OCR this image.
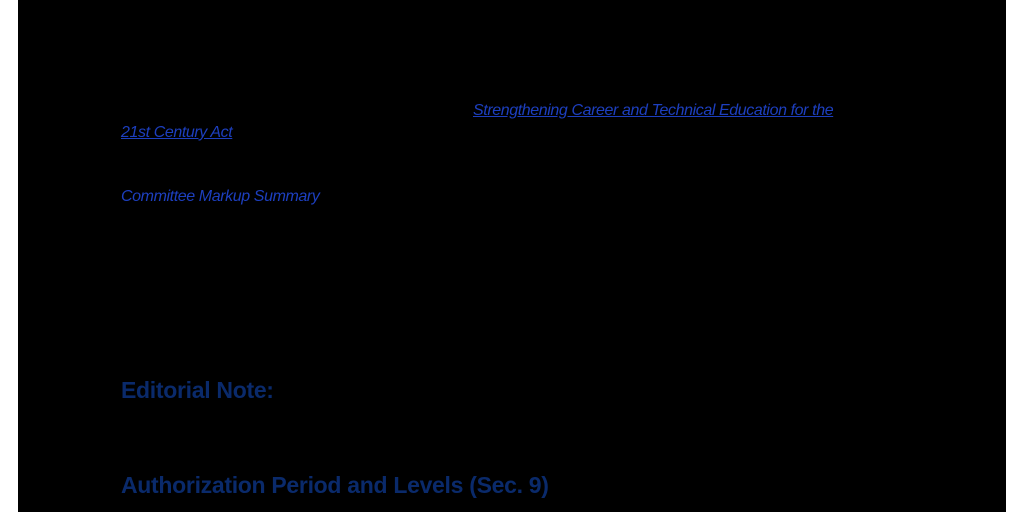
Strengthening Career and Technical Education for the
21st Century Act
Committee Markup Summary
Editorial Note:
Authorization Period and Levels (Sec. 9)
